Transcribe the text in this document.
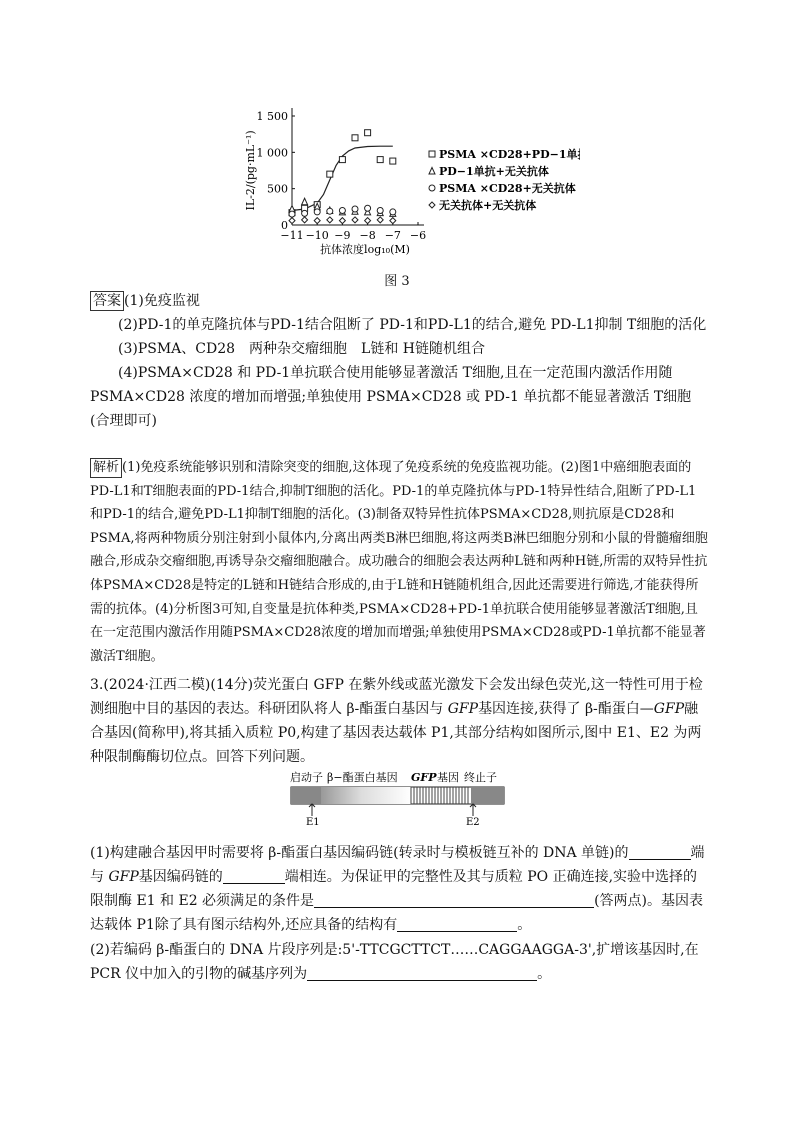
IL-2/(pg·mL⁻¹)
0
500
1 000
1 500
−11 −10 −9 −8 −7 −6
抗体浓度log₁₀(M)
PSMA ×CD28+PD−1单抗
PD−1单抗+无关抗体
PSMA ×CD28+无关抗体
无关抗体+无关抗体
图 3
答案 (1)免疫监视
(2)PD-1的单克隆抗体与PD-1结合阻断了 PD-1和PD-L1的结合,避免 PD-L1抑制 T细胞的活化
(3)PSMA、CD28　两种杂交瘤细胞　L链和 H链随机组合
(4)PSMA×CD28 和 PD-1单抗联合使用能够显著激活 T细胞,且在一定范围内激活作用随PSMA×CD28 浓度的增加而增强;单独使用 PSMA×CD28 或 PD-1 单抗都不能显著激活 T细胞(合理即可)
解析 (1)免疫系统能够识别和清除突变的细胞,这体现了免疫系统的免疫监视功能。(2)图1中癌细胞表面的PD-L1和T细胞表面的PD-1结合,抑制T细胞的活化。PD-1的单克隆抗体与PD-1特异性结合,阻断了PD-L1和PD-1的结合,避免PD-L1抑制T细胞的活化。(3)制备双特异性抗体PSMA×CD28,则抗原是CD28和PSMA,将两种物质分别注射到小鼠体内,分离出两类B淋巴细胞,将这两类B淋巴细胞分别和小鼠的骨髓瘤细胞融合,形成杂交瘤细胞,再诱导杂交瘤细胞融合。成功融合的细胞会表达两种L链和两种H链,所需的双特异性抗体PSMA×CD28是特定的L链和H链结合形成的,由于L链和H链随机组合,因此还需要进行筛选,才能获得所需的抗体。(4)分析图3可知,自变量是抗体种类,PSMA×CD28+PD-1单抗联合使用能够显著激活T细胞,且在一定范围内激活作用随PSMA×CD28浓度的增加而增强;单独使用PSMA×CD28或PD-1单抗都不能显著激活T细胞。
3.(2024·江西二模)(14分)荧光蛋白 GFP 在紫外线或蓝光激发下会发出绿色荧光,这一特性可用于检测细胞中目的基因的表达。科研团队将人 β-酯蛋白基因与 GFP基因连接,获得了 β-酯蛋白—GFP融合基因(简称甲),将其插入质粒 P0,构建了基因表达载体 P1,其部分结构如图所示,图中 E1、E2 为两种限制酶酶切位点。回答下列问题。
启动子 β−酯蛋白基因 GFP 基因 终止子
E1	E2
(1)构建融合基因甲时需要将 β-酯蛋白基因编码链(转录时与模板链互补的 DNA 单链)的	端与 GFP基因编码链的	端相连。为保证甲的完整性及其与质粒 PO 正确连接,实验中选择的限制酶 E1 和 E2 必须满足的条件是	(答两点)。基因表达载体 P1除了具有图示结构外,还应具备的结构有	。
(2)若编码 β-酯蛋白的 DNA 片段序列是:5'-TTCGCTTCT……CAGGAAGGA-3',扩增该基因时,在PCR 仪中加入的引物的碱基序列为	。
